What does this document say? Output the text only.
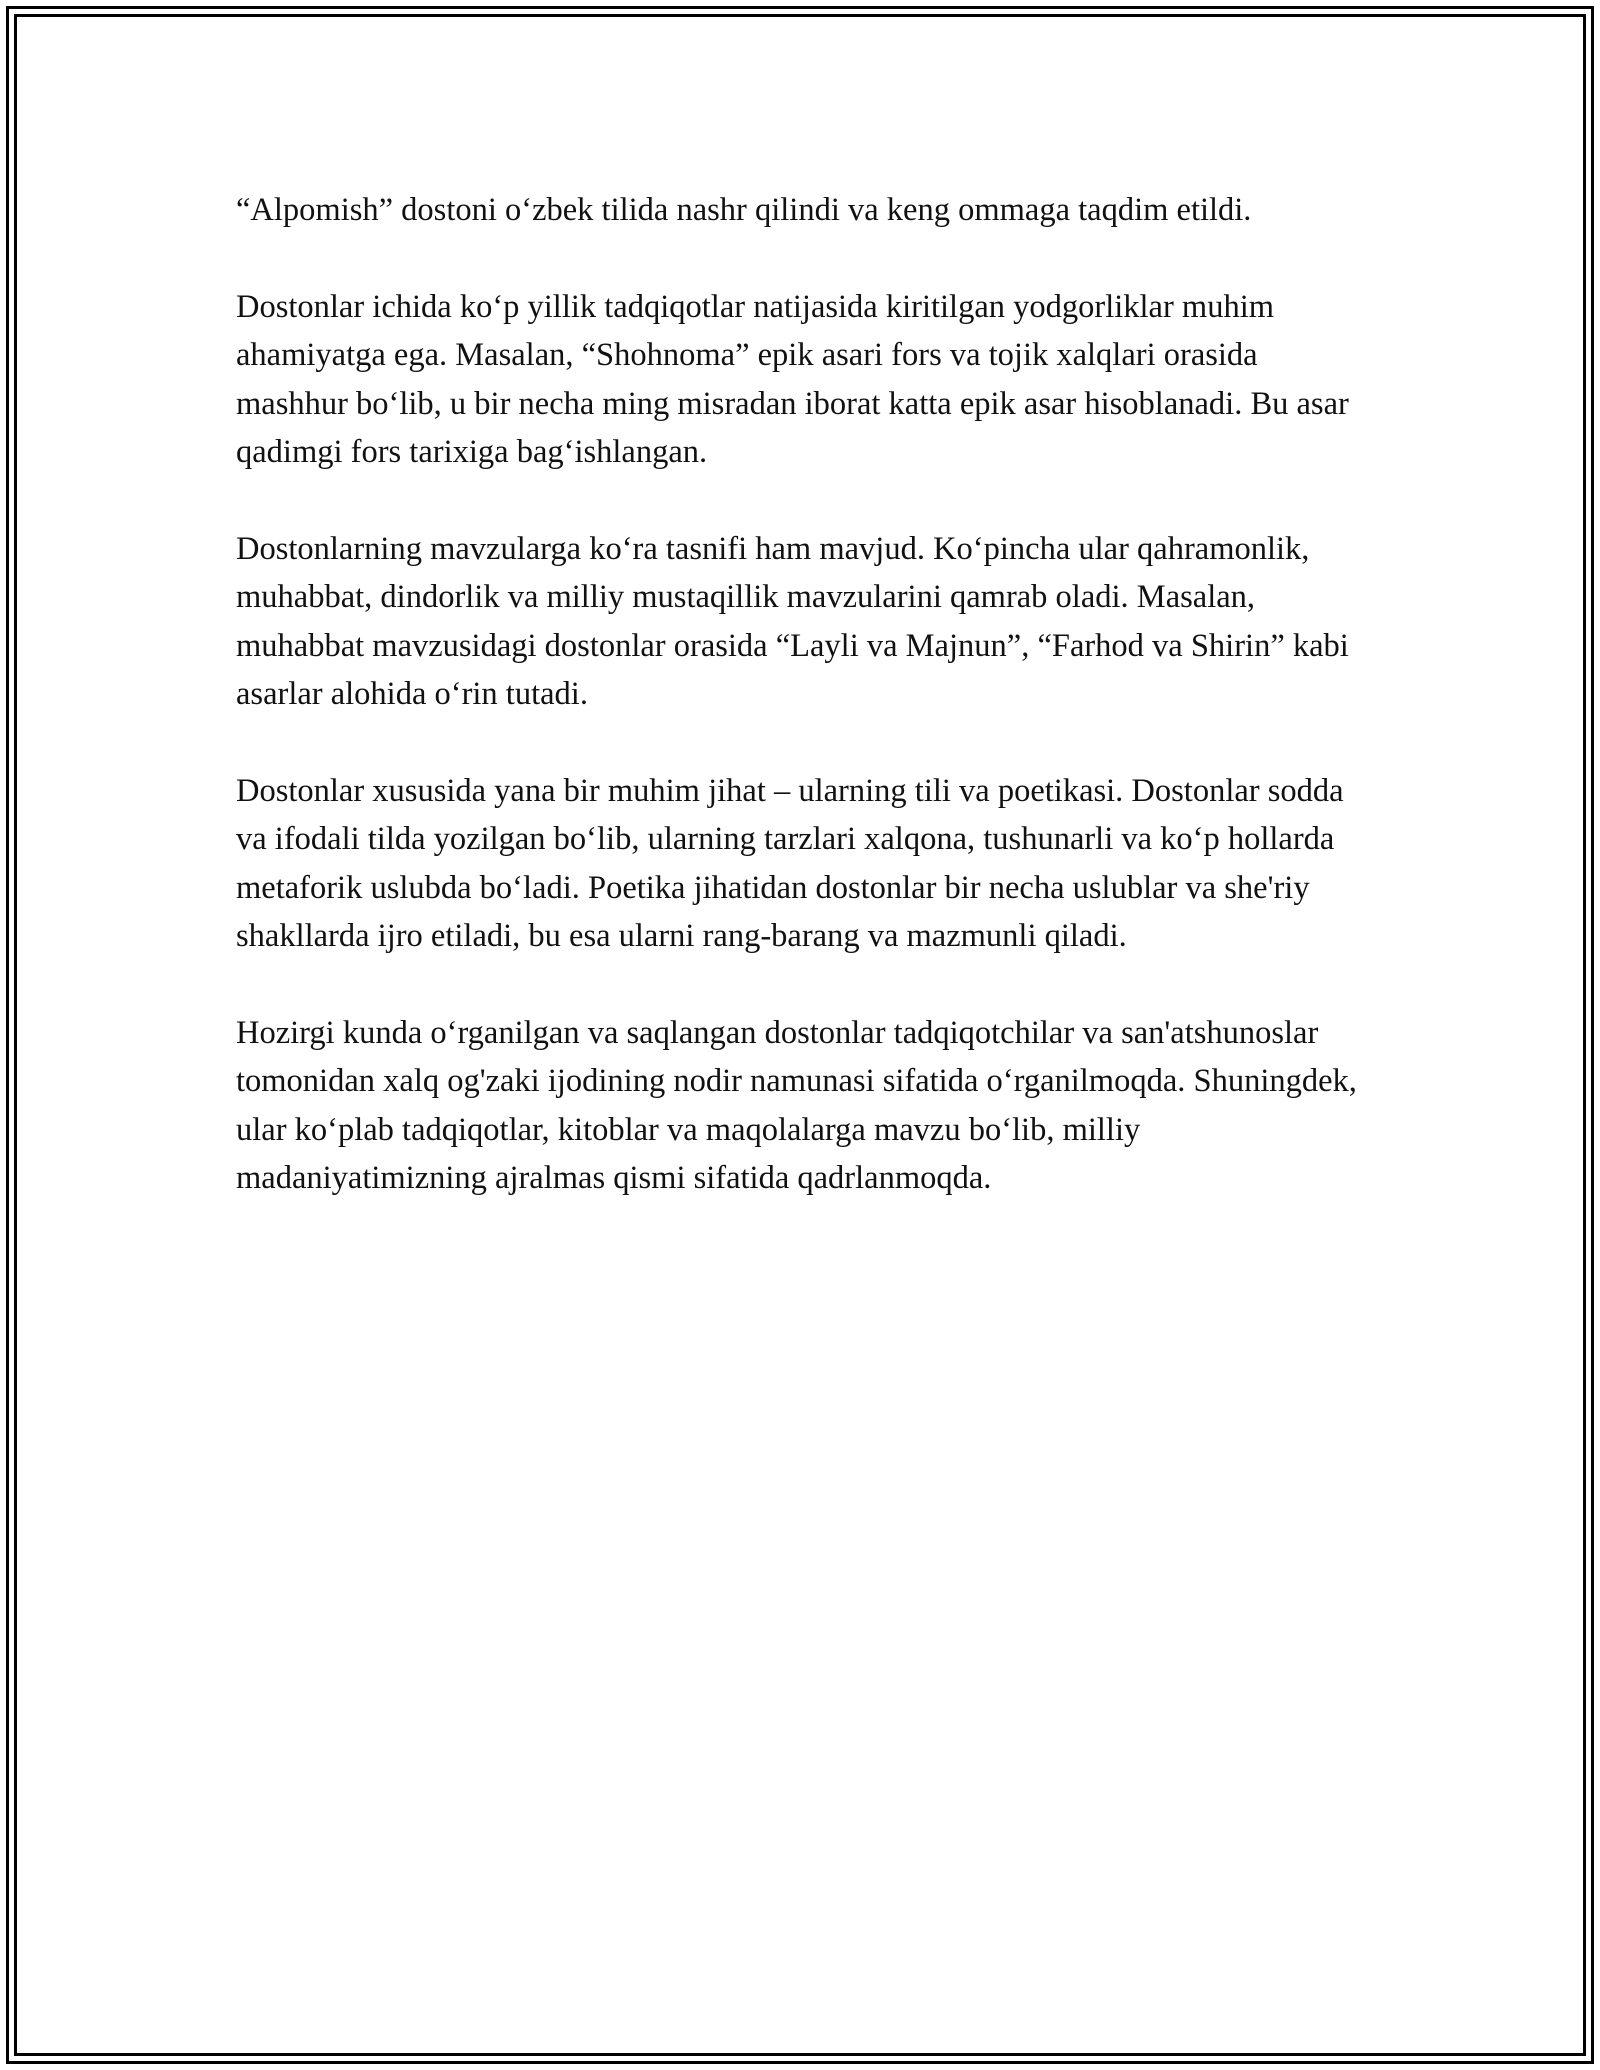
“Alpomish” dostoni o‘zbek tilida nashr qilindi va keng ommaga taqdim etildi.

Dostonlar ichida ko‘p yillik tadqiqotlar natijasida kiritilgan yodgorliklar muhim ahamiyatga ega. Masalan, “Shohnoma” epik asari fors va tojik xalqlari orasida mashhur bo‘lib, u bir necha ming misradan iborat katta epik asar hisoblanadi. Bu asar qadimgi fors tarixiga bag‘ishlangan.

Dostonlarning mavzularga ko‘ra tasnifi ham mavjud. Ko‘pincha ular qahramonlik, muhabbat, dindorlik va milliy mustaqillik mavzularini qamrab oladi. Masalan, muhabbat mavzusidagi dostonlar orasida “Layli va Majnun”, “Farhod va Shirin” kabi asarlar alohida o‘rin tutadi.

Dostonlar xususida yana bir muhim jihat – ularning tili va poetikasi. Dostonlar sodda va ifodali tilda yozilgan bo‘lib, ularning tarzlari xalqona, tushunarli va ko‘p hollarda metaforik uslubda bo‘ladi. Poetika jihatidan dostonlar bir necha uslublar va she'riy shakllarda ijro etiladi, bu esa ularni rang-barang va mazmunli qiladi.

Hozirgi kunda o‘rganilgan va saqlangan dostonlar tadqiqotchilar va san'atshunoslar tomonidan xalq og'zaki ijodining nodir namunasi sifatida o‘rganilmoqda. Shuningdek, ular ko‘plab tadqiqotlar, kitoblar va maqolalarga mavzu bo‘lib, milliy madaniyatimizning ajralmas qismi sifatida qadrlanmoqda.
